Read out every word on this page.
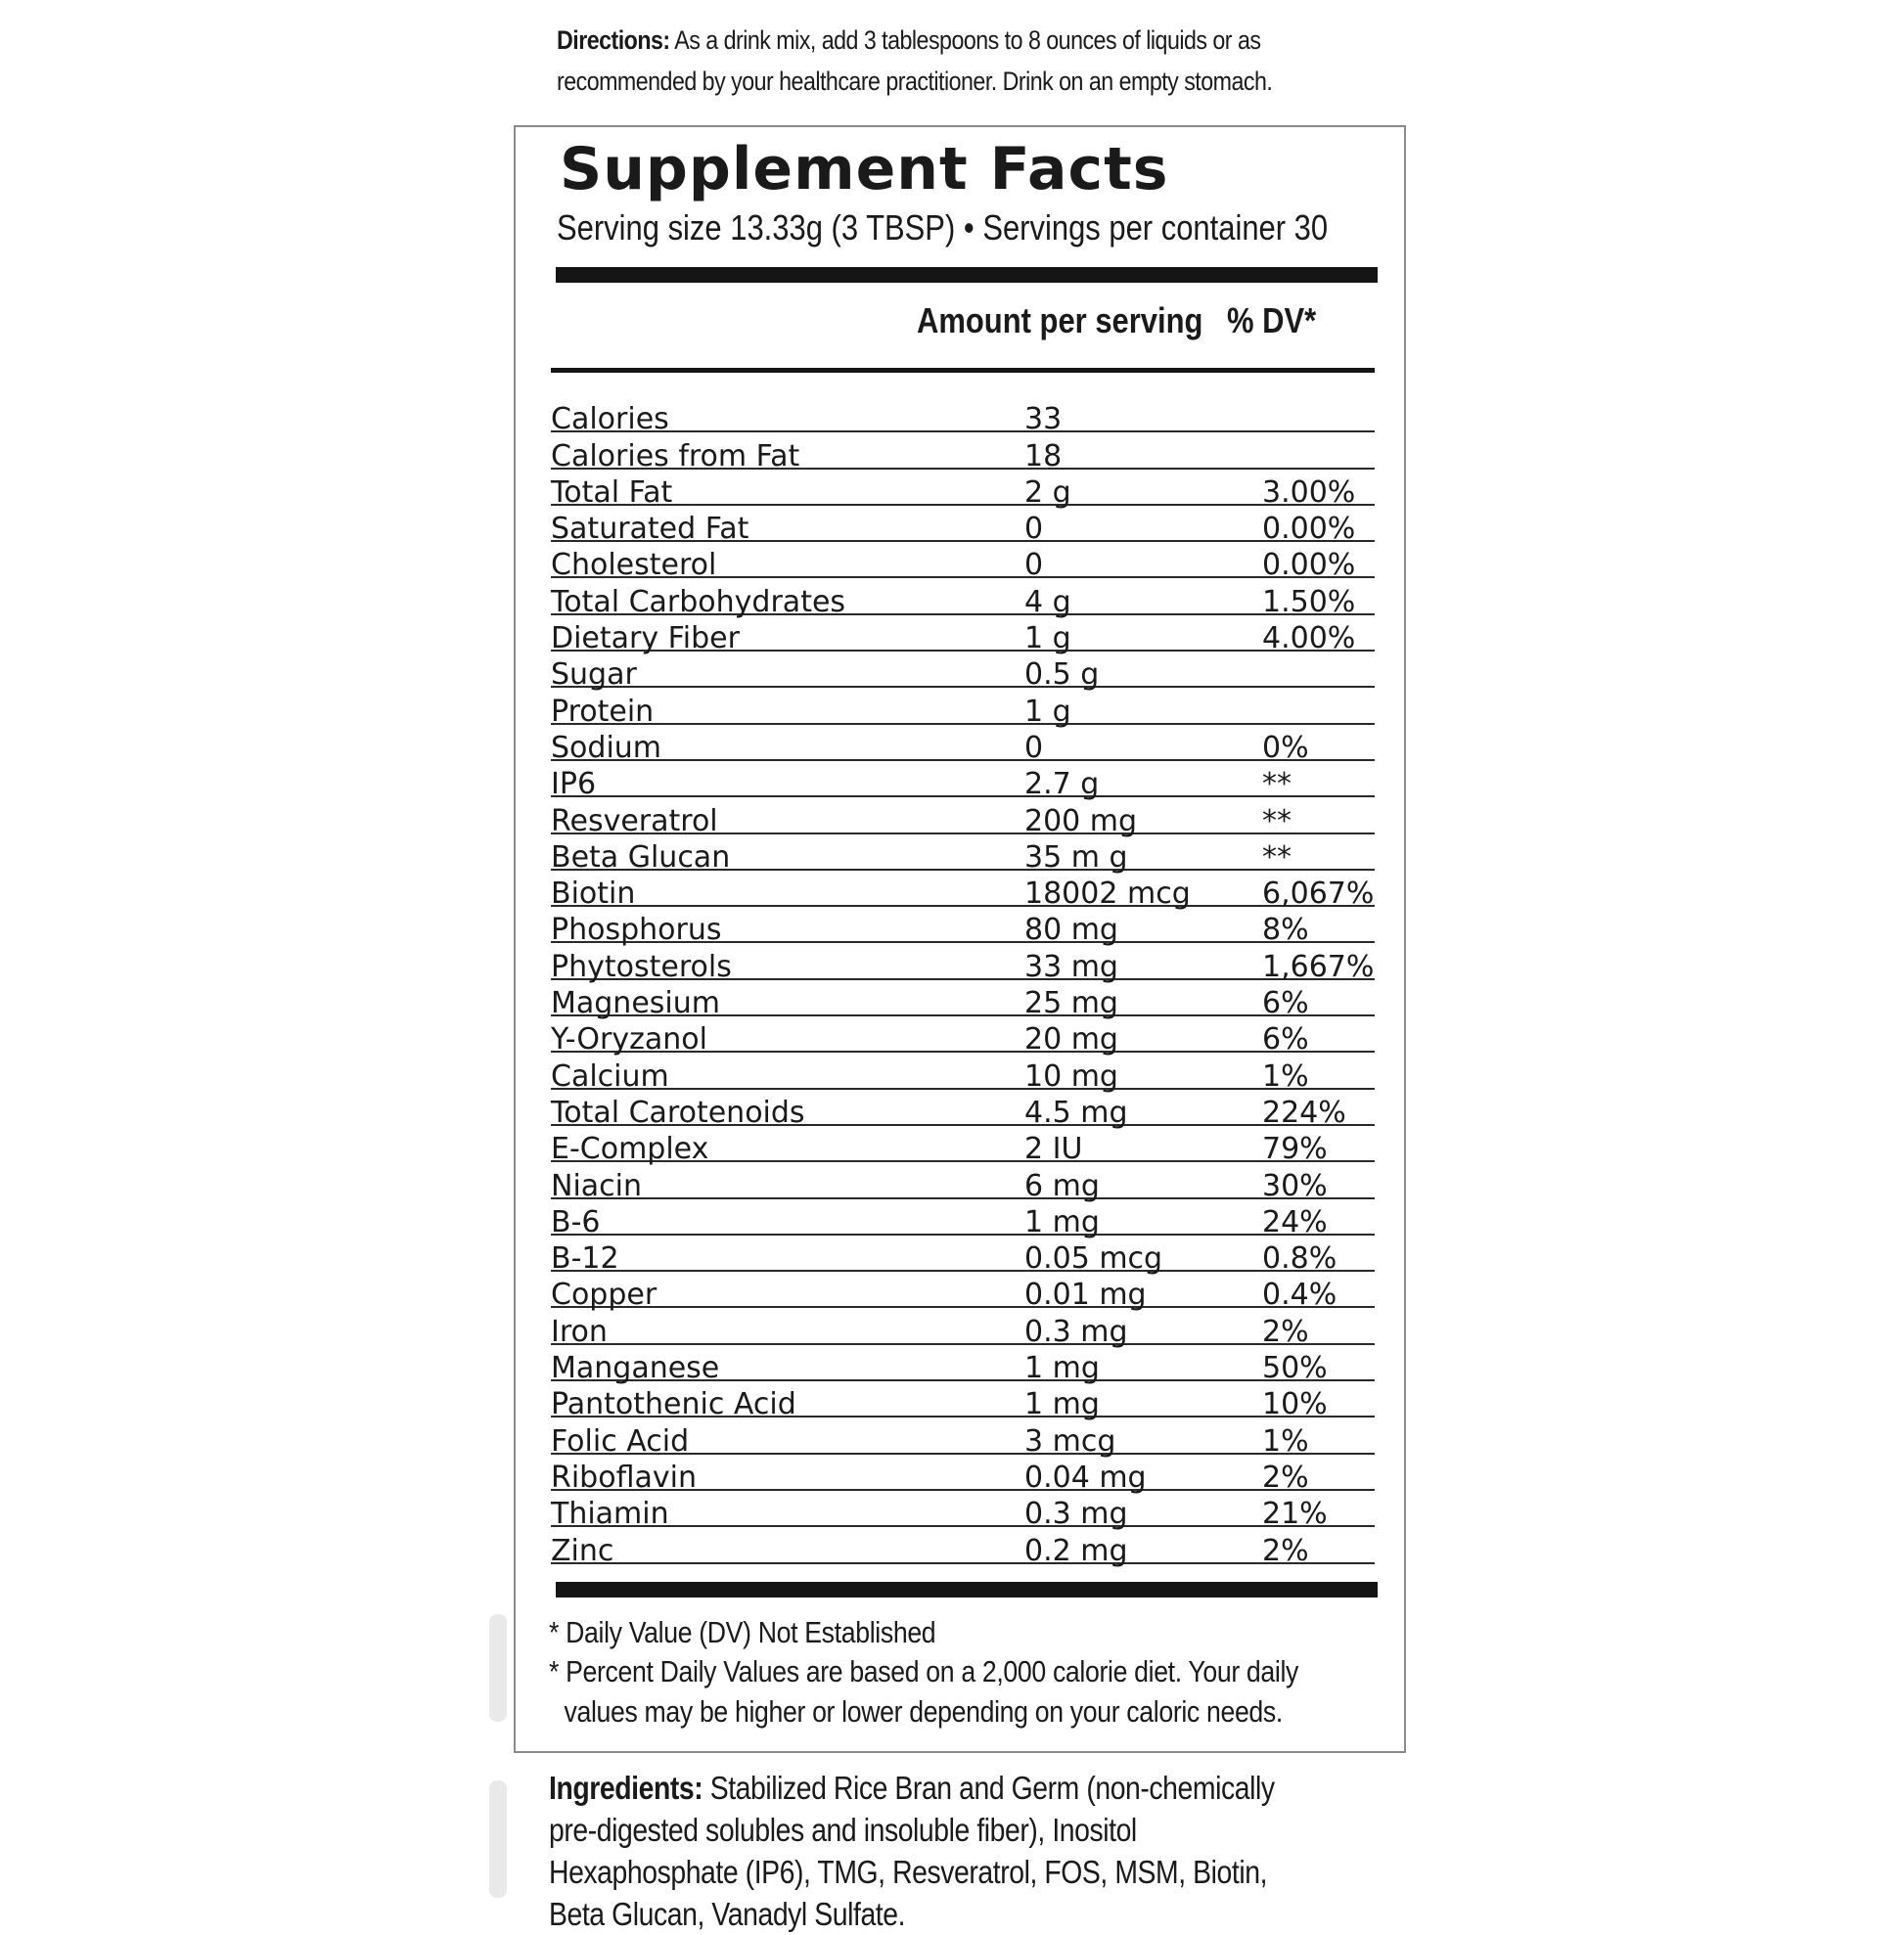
Directions: As a drink mix, add 3 tablespoons to 8 ounces of liquids or as recommended by your healthcare practitioner. Drink on an empty stomach.
Supplement Facts
Serving size 13.33g (3 TBSP) • Servings per container 30
Amount per serving % DV*
Calories	33
Calories from Fat	18
Total Fat	2 g	3.00%
Saturated Fat	0	0.00%
Cholesterol	0	0.00%
Total Carbohydrates	4 g	1.50%
Dietary Fiber	1 g	4.00%
Sugar	0.5 g
Protein	1 g
Sodium	0	0%
IP6	2.7 g	**
Resveratrol	200 mg	**
Beta Glucan	35 m g	**
Biotin	18002 mcg 6,067%
Phosphorus	80 mg	8%
Phytosterols	33 mg	1,667%
Magnesium	25 mg	6%
Y-Oryzanol	20 mg	6%
Calcium	10 mg	1%
Total Carotenoids	4.5 mg	224%
E-Complex	2 IU	79%
Niacin	6 mg	30%
B-6	1 mg	24%
B-12	0.05 mcg	0.8%
Copper	0.01 mg	0.4%
Iron	0.3 mg	2%
Manganese	1 mg	50%
Pantothenic Acid	1 mg	10%
Folic Acid	3 mcg	1%
Riboflavin	0.04 mg	2%
Thiamin	0.3 mg	21%
Zinc	0.2 mg	2%
* Daily Value (DV) Not Established
* Percent Daily Values are based on a 2,000 calorie diet. Your daily
values may be higher or lower depending on your caloric needs.
Ingredients: Stabilized Rice Bran and Germ (non-chemically pre-digested solubles and insoluble fiber), Inositol Hexaphosphate (IP6), TMG, Resveratrol, FOS, MSM, Biotin, Beta Glucan, Vanadyl Sulfate.
